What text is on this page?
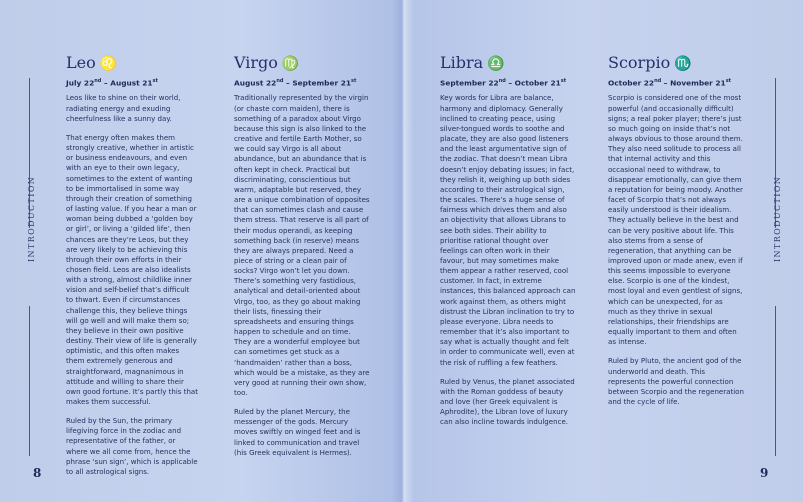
INTRODUCTION	INTRODUCTION
8	9
Leo ♌
July 22nd – August 21st

Leos like to shine on their world, radiating energy and exuding cheerfulness like a sunny day.

That energy often makes them strongly creative, whether in artistic or business endeavours, and even with an eye to their own legacy, sometimes to the extent of wanting to be immortalised in some way through their creation of something of lasting value. If you hear a man or woman being dubbed a ‘golden boy or girl’, or living a ‘gilded life’, then chances are they’re Leos, but they are very likely to be achieving this through their own efforts in their chosen field. Leos are also idealists with a strong, almost childlike inner vision and self-belief that’s difficult to thwart. Even if circumstances challenge this, they believe things will go well and will make them so; they believe in their own positive destiny. Their view of life is generally optimistic, and this often makes them extremely generous and straightforward, magnanimous in attitude and willing to share their own good fortune. It’s partly this that makes them successful.

Ruled by the Sun, the primary lifegiving force in the zodiac and representative of the father, or where we all come from, hence the phrase ‘sun sign’, which is applicable to all astrological signs.

Virgo ♍
August 22nd – September 21st

Traditionally represented by the virgin (or chaste corn maiden), there is something of a paradox about Virgo because this sign is also linked to the creative and fertile Earth Mother, so we could say Virgo is all about abundance, but an abundance that is often kept in check. Practical but discriminating, conscientious but warm, adaptable but reserved, they are a unique combination of opposites that can sometimes clash and cause them stress. That reserve is all part of their modus operandi, as keeping something back (in reserve) means they are always prepared. Need a piece of string or a clean pair of socks? Virgo won’t let you down. There’s something very fastidious, analytical and detail-oriented about Virgo, too, as they go about making their lists, finessing their spreadsheets and ensuring things happen to schedule and on time. They are a wonderful employee but can sometimes get stuck as a ‘handmaiden’ rather than a boss, which would be a mistake, as they are very good at running their own show, too.

Ruled by the planet Mercury, the messenger of the gods. Mercury moves swiftly on winged feet and is linked to communication and travel (his Greek equivalent is Hermes).

Libra ♎
September 22nd – October 21st

Key words for Libra are balance, harmony and diplomacy. Generally inclined to creating peace, using silver-tongued words to soothe and placate, they are also good listeners and the least argumentative sign of the zodiac. That doesn’t mean Libra doesn’t enjoy debating issues; in fact, they relish it, weighing up both sides according to their astrological sign, the scales. There’s a huge sense of fairness which drives them and also an objectivity that allows Librans to see both sides. Their ability to prioritise rational thought over feelings can often work in their favour, but may sometimes make them appear a rather reserved, cool customer. In fact, in extreme instances, this balanced approach can work against them, as others might distrust the Libran inclination to try to please everyone. Libra needs to remember that it’s also important to say what is actually thought and felt in order to communicate well, even at the risk of ruffling a few feathers.

Ruled by Venus, the planet associated with the Roman goddess of beauty and love (her Greek equivalent is Aphrodite), the Libran love of luxury can also incline towards indulgence.

Scorpio ♏
October 22nd – November 21st

Scorpio is considered one of the most powerful (and occasionally difficult) signs; a real poker player; there’s just so much going on inside that’s not always obvious to those around them. They also need solitude to process all that internal activity and this occasional need to withdraw, to disappear emotionally, can give them a reputation for being moody. Another facet of Scorpio that’s not always easily understood is their idealism. They actually believe in the best and can be very positive about life. This also stems from a sense of regeneration, that anything can be improved upon or made anew, even if this seems impossible to everyone else. Scorpio is one of the kindest, most loyal and even gentlest of signs, which can be unexpected, for as much as they thrive in sexual relationships, their friendships are equally important to them and often as intense.

Ruled by Pluto, the ancient god of the underworld and death. This represents the powerful connection between Scorpio and the regeneration and the cycle of life.
